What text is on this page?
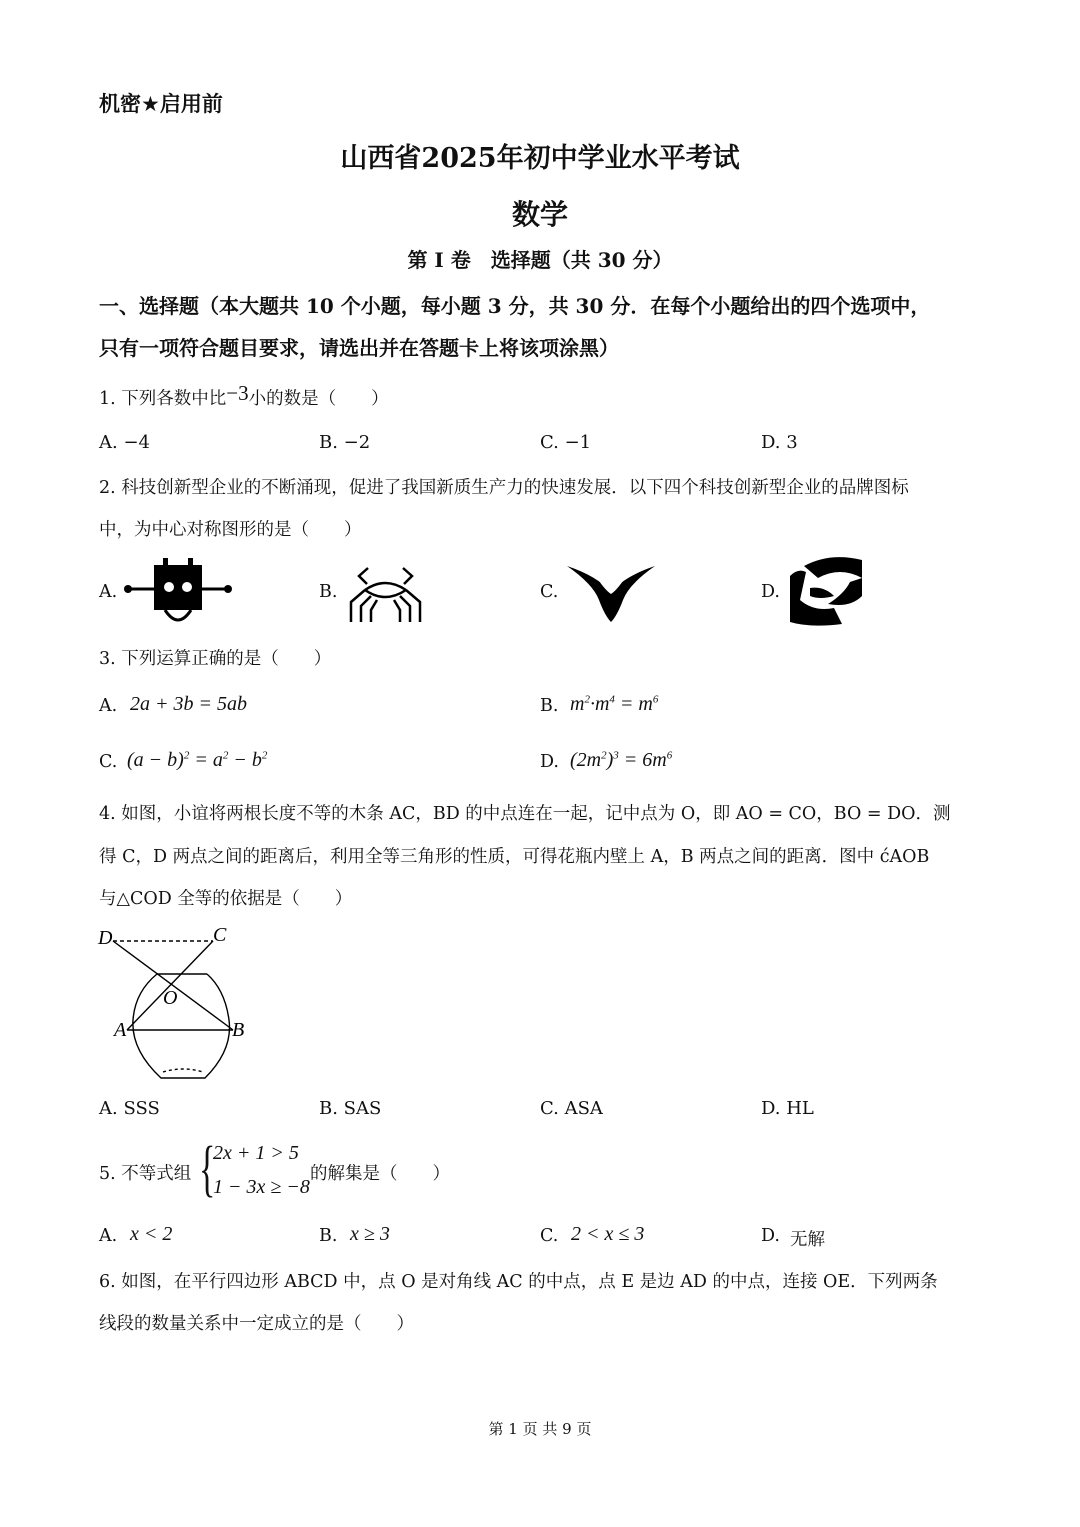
机密★启用前
山西省2025年初中学业水平考试
数学
第 I 卷　选择题（共 30 分）
一、选择题（本大题共 10 个小题，每小题 3 分，共 30 分．在每个小题给出的四个选项中，
只有一项符合题目要求，请选出并在答题卡上将该项涂黑）
1. 下列各数中比−3小的数是（　　）
A. −4	B. −2	C. −1	D. 3
2. 科技创新型企业的不断涌现，促进了我国新质生产力的快速发展．以下四个科技创新型企业的品牌图标
中，为中心对称图形的是（　　）
A.	B.	C.	D.
3. 下列运算正确的是（　　）
A. 2a + 3b = 5ab	B. $m^2\cdot m^4 = m^6$
C. $(a - b)^2 = a^2 - b^2$	D. $(2m^2)^3 = 6m^6$
4. 如图，小谊将两根长度不等的木条 AC，BD 的中点连在一起，记中点为 O，即 AO = CO，BO = DO．测
得 C，D 两点之间的距离后，利用全等三角形的性质，可得花瓶内壁上 A，B 两点之间的距离．图中 ćAOB
与△COD 全等的依据是（　　）
D	C
O
A	B
A. SSS	B. SAS	C. ASA	D. HL
5. 不等式组 {
2x + 1 > 5
1 − 3x ≥ −8
的解集是（　　）
A. x < 2	B. x ≥ 3	C. 2 < x ≤ 3	D. 无解
6. 如图，在平行四边形 ABCD 中，点 O 是对角线 AC 的中点，点 E 是边 AD 的中点，连接 OE．下列两条
线段的数量关系中一定成立的是（　　）
第 1 页 共 9 页
